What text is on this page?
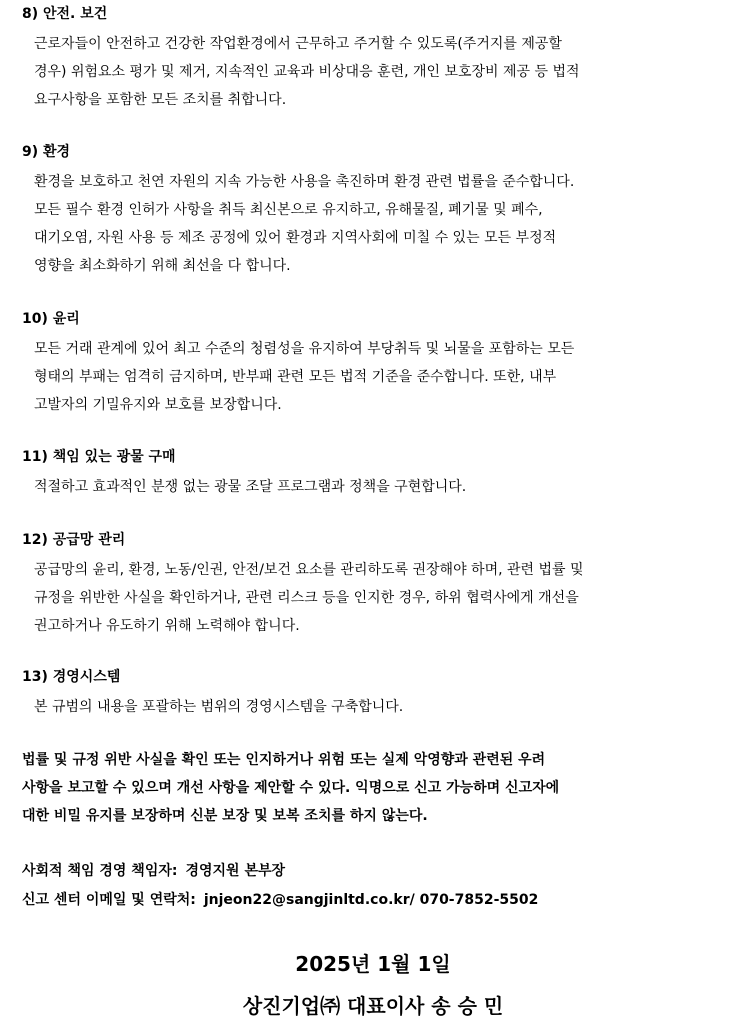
8) 안전. 보건

근로자들이 안전하고 건강한 작업환경에서 근무하고 주거할 수 있도록(주거지를 제공할

경우) 위험요소 평가 및 제거, 지속적인 교육과 비상대응 훈련, 개인 보호장비 제공 등 법적

요구사항을 포함한 모든 조치를 취합니다.

9) 환경

환경을 보호하고 천연 자원의 지속 가능한 사용을 촉진하며 환경 관련 법률을 준수합니다.

모든 필수 환경 인허가 사항을 취득 최신본으로 유지하고, 유해물질, 폐기물 및 폐수,

대기오염, 자원 사용 등 제조 공정에 있어 환경과 지역사회에 미칠 수 있는 모든 부정적

영향을 최소화하기 위해 최선을 다 합니다.

10) 윤리

모든 거래 관계에 있어 최고 수준의 청렴성을 유지하여 부당취득 및 뇌물을 포함하는 모든

형태의 부패는 엄격히 금지하며, 반부패 관련 모든 법적 기준을 준수합니다. 또한, 내부

고발자의 기밀유지와 보호를 보장합니다.

11) 책임 있는 광물 구매

적절하고 효과적인 분쟁 없는 광물 조달 프로그램과 정책을 구현합니다.

12) 공급망 관리

공급망의 윤리, 환경, 노동/인권, 안전/보건 요소를 관리하도록 권장해야 하며, 관련 법률 및

규정을 위반한 사실을 확인하거나, 관련 리스크 등을 인지한 경우, 하위 협력사에게 개선을

권고하거나 유도하기 위해 노력해야 합니다.

13) 경영시스템

본 규범의 내용을 포괄하는 범위의 경영시스템을 구축합니다.

법률 및 규정 위반 사실을 확인 또는 인지하거나 위험 또는 실제 악영향과 관련된 우려

사항을 보고할 수 있으며 개선 사항을 제안할 수 있다. 익명으로 신고 가능하며 신고자에

대한 비밀 유지를 보장하며 신분 보장 및 보복 조치를 하지 않는다.

사회적 책임 경영 책임자: 경영지원 본부장
신고 센터 이메일 및 연락처: jnjeon22@sangjinltd.co.kr/ 070-7852-5502
2025년 1월 1일
상진기업㈜ 대표이사 송 승 민
